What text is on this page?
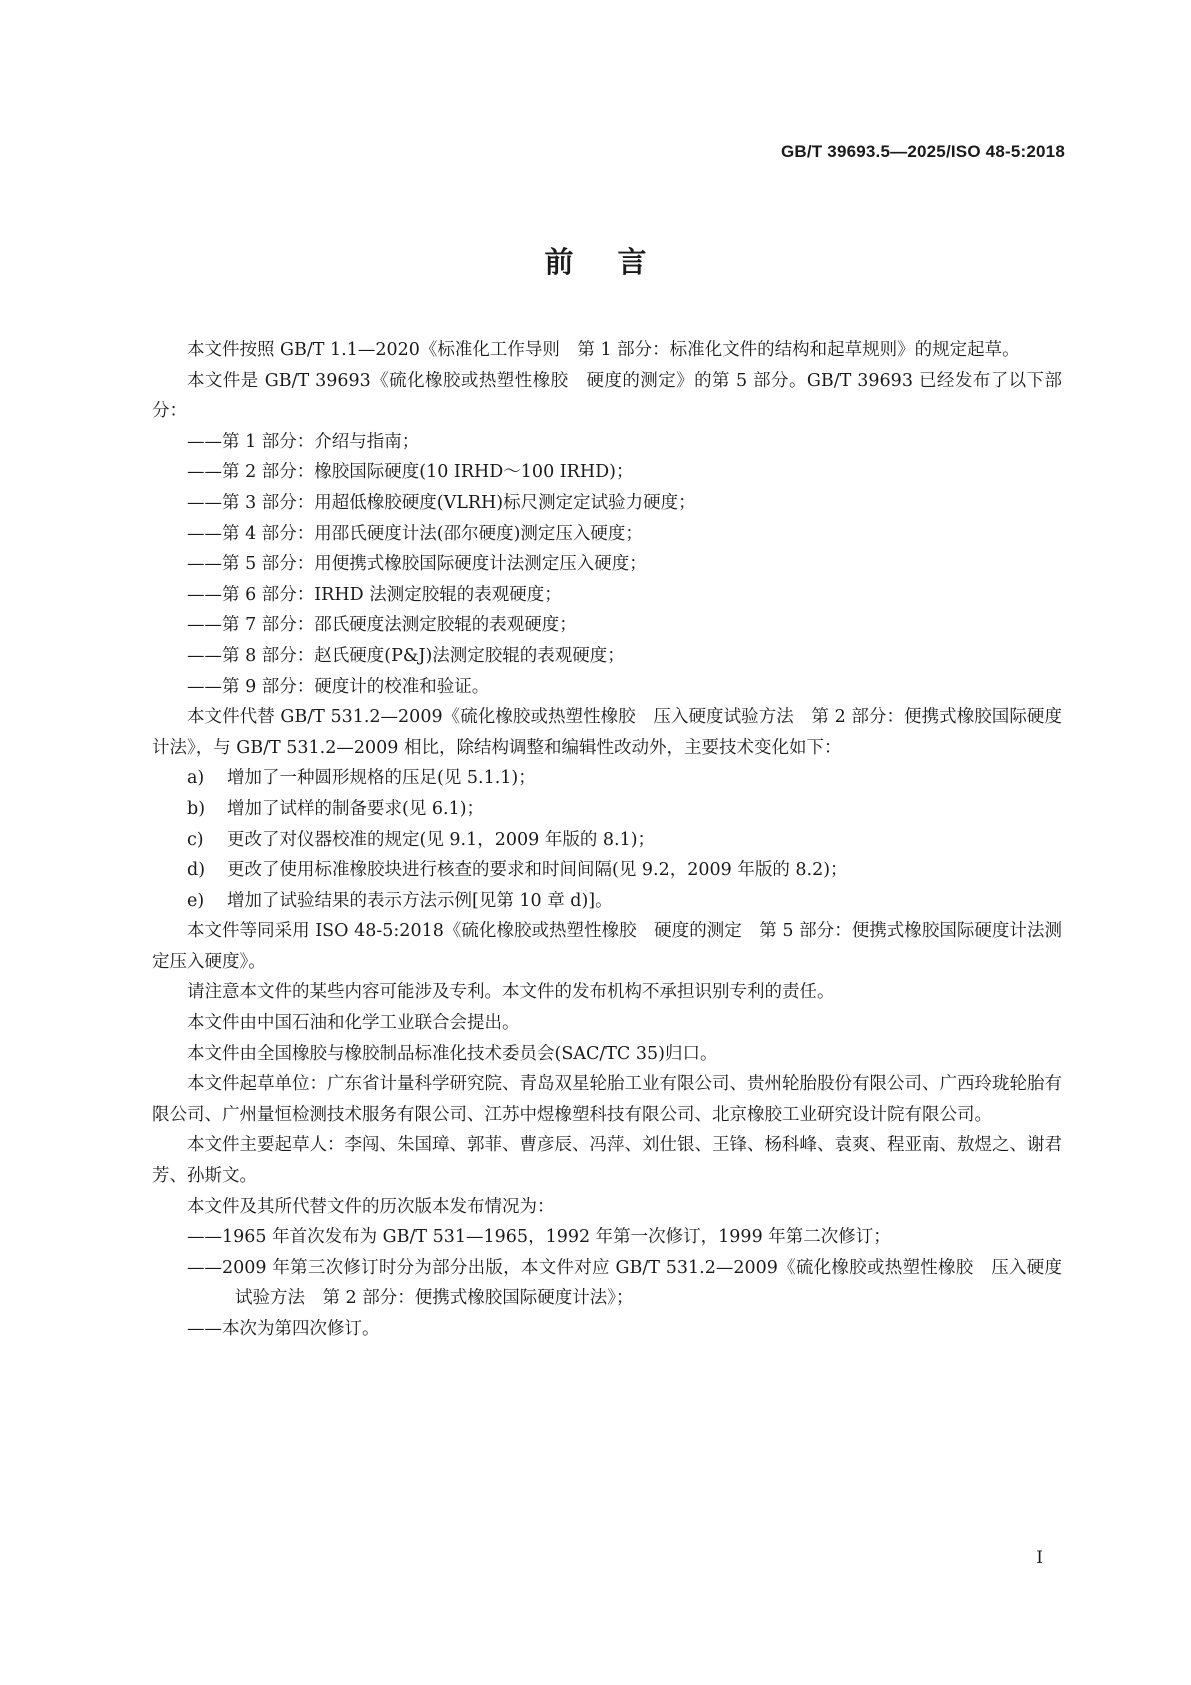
GB/T 39693.5—2025/ISO 48-5:2018
前言

本文件按照 GB/T 1.1—2020《标准化工作导则　第 1 部分：标准化文件的结构和起草规则》的规定起草。

本文件是 GB/T 39693《硫化橡胶或热塑性橡胶　硬度的测定》的第 5 部分。GB/T 39693 已经发布了以下部分：

——第 1 部分：介绍与指南；

——第 2 部分：橡胶国际硬度(10 IRHD～100 IRHD)；

——第 3 部分：用超低橡胶硬度(VLRH)标尺测定定试验力硬度；

——第 4 部分：用邵氏硬度计法(邵尔硬度)测定压入硬度；

——第 5 部分：用便携式橡胶国际硬度计法测定压入硬度；

——第 6 部分：IRHD 法测定胶辊的表观硬度；

——第 7 部分：邵氏硬度法测定胶辊的表观硬度；

——第 8 部分：赵氏硬度(P&J)法测定胶辊的表观硬度；

——第 9 部分：硬度计的校准和验证。

本文件代替 GB/T 531.2—2009《硫化橡胶或热塑性橡胶　压入硬度试验方法　第 2 部分：便携式橡胶国际硬度计法》，与 GB/T 531.2—2009 相比，除结构调整和编辑性改动外，主要技术变化如下：

a) 增加了一种圆形规格的压足(见 5.1.1)；

b) 增加了试样的制备要求(见 6.1)；

c) 更改了对仪器校准的规定(见 9.1，2009 年版的 8.1)；

d) 更改了使用标准橡胶块进行核查的要求和时间间隔(见 9.2，2009 年版的 8.2)；

e) 增加了试验结果的表示方法示例[见第 10 章 d)]。

本文件等同采用 ISO 48-5:2018《硫化橡胶或热塑性橡胶　硬度的测定　第 5 部分：便携式橡胶国际硬度计法测定压入硬度》。

请注意本文件的某些内容可能涉及专利。本文件的发布机构不承担识别专利的责任。

本文件由中国石油和化学工业联合会提出。

本文件由全国橡胶与橡胶制品标准化技术委员会(SAC/TC 35)归口。

本文件起草单位：广东省计量科学研究院、青岛双星轮胎工业有限公司、贵州轮胎股份有限公司、广西玲珑轮胎有限公司、广州量恒检测技术服务有限公司、江苏中煜橡塑科技有限公司、北京橡胶工业研究设计院有限公司。

本文件主要起草人：李闯、朱国璋、郭菲、曹彦辰、冯萍、刘仕银、王锋、杨科峰、袁爽、程亚南、敖煜之、谢君芳、孙斯文。

本文件及其所代替文件的历次版本发布情况为：

——1965 年首次发布为 GB/T 531—1965，1992 年第一次修订，1999 年第二次修订；

——2009 年第三次修订时分为部分出版，本文件对应 GB/T 531.2—2009《硫化橡胶或热塑性橡胶　压入硬度试验方法　第 2 部分：便携式橡胶国际硬度计法》；

——本次为第四次修订。

I
